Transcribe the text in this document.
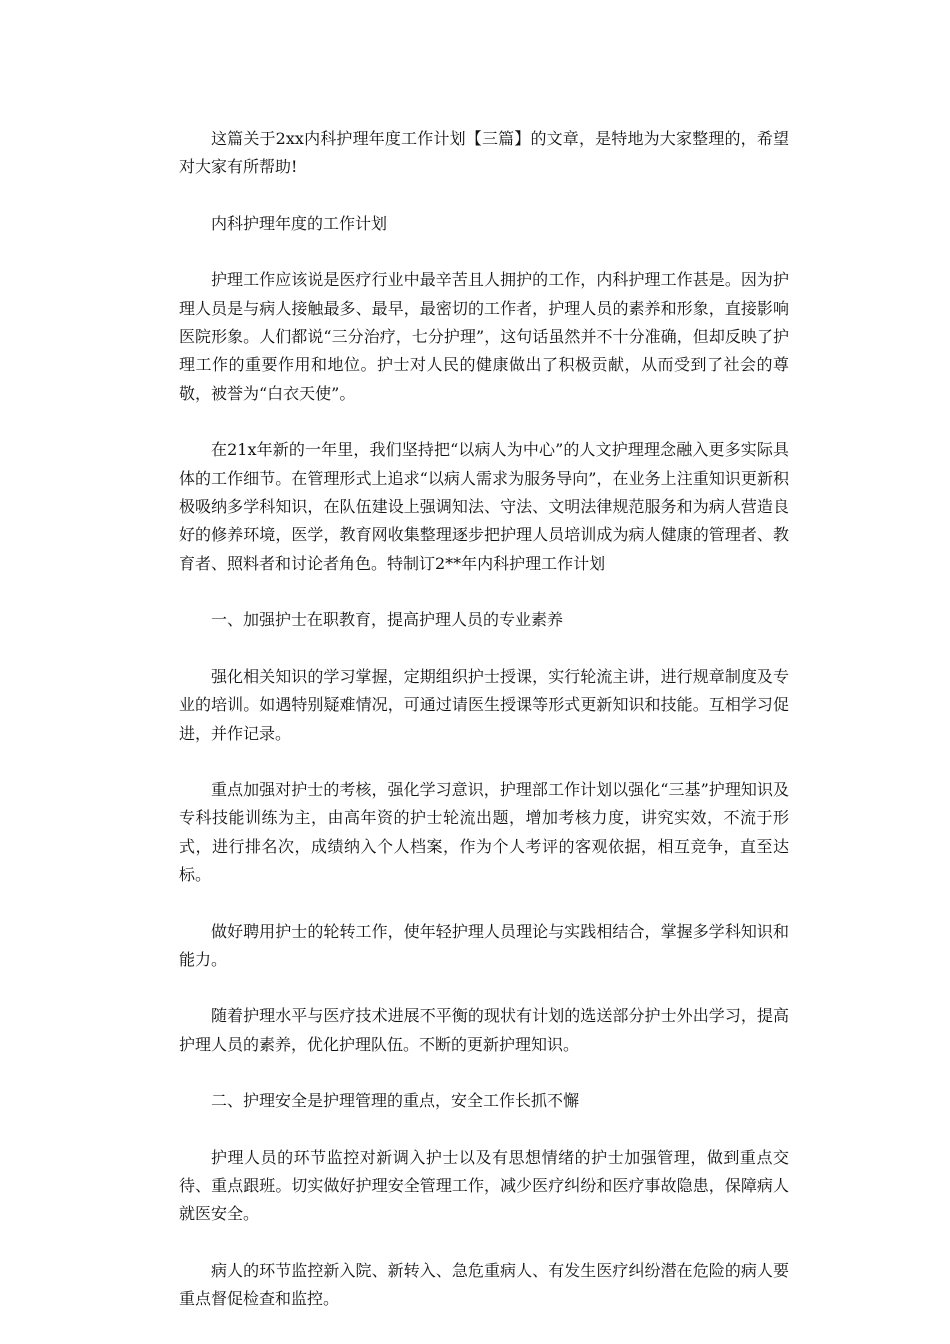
这篇关于2xx内科护理年度工作计划【三篇】的文章，是特地为大家整理的，希望对大家有所帮助!

内科护理年度的工作计划

护理工作应该说是医疗行业中最辛苦且人拥护的工作，内科护理工作甚是。因为护理人员是与病人接触最多、最早，最密切的工作者，护理人员的素养和形象，直接影响医院形象。人们都说“三分治疗，七分护理”，这句话虽然并不十分准确，但却反映了护理工作的重要作用和地位。护士对人民的健康做出了积极贡献，从而受到了社会的尊敬，被誉为“白衣天使”。

在21x年新的一年里，我们坚持把“以病人为中心”的人文护理理念融入更多实际具体的工作细节。在管理形式上追求“以病人需求为服务导向”，在业务上注重知识更新积极吸纳多学科知识，在队伍建设上强调知法、守法、文明法律规范服务和为病人营造良好的修养环境，医学，教育网收集整理逐步把护理人员培训成为病人健康的管理者、教育者、照料者和讨论者角色。特制订2**年内科护理工作计划

一、加强护士在职教育，提高护理人员的专业素养

强化相关知识的学习掌握，定期组织护士授课，实行轮流主讲，进行规章制度及专业的培训。如遇特别疑难情况，可通过请医生授课等形式更新知识和技能。互相学习促进，并作记录。

重点加强对护士的考核，强化学习意识，护理部工作计划以强化“三基”护理知识及专科技能训练为主，由高年资的护士轮流出题，增加考核力度，讲究实效，不流于形式，进行排名次，成绩纳入个人档案，作为个人考评的客观依据，相互竞争，直至达标。

做好聘用护士的轮转工作，使年轻护理人员理论与实践相结合，掌握多学科知识和能力。

随着护理水平与医疗技术进展不平衡的现状有计划的选送部分护士外出学习，提高护理人员的素养，优化护理队伍。不断的更新护理知识。

二、护理安全是护理管理的重点，安全工作长抓不懈

护理人员的环节监控对新调入护士以及有思想情绪的护士加强管理，做到重点交待、重点跟班。切实做好护理安全管理工作，减少医疗纠纷和医疗事故隐患，保障病人就医安全。

病人的环节监控新入院、新转入、急危重病人、有发生医疗纠纷潜在危险的病人要重点督促检查和监控。
